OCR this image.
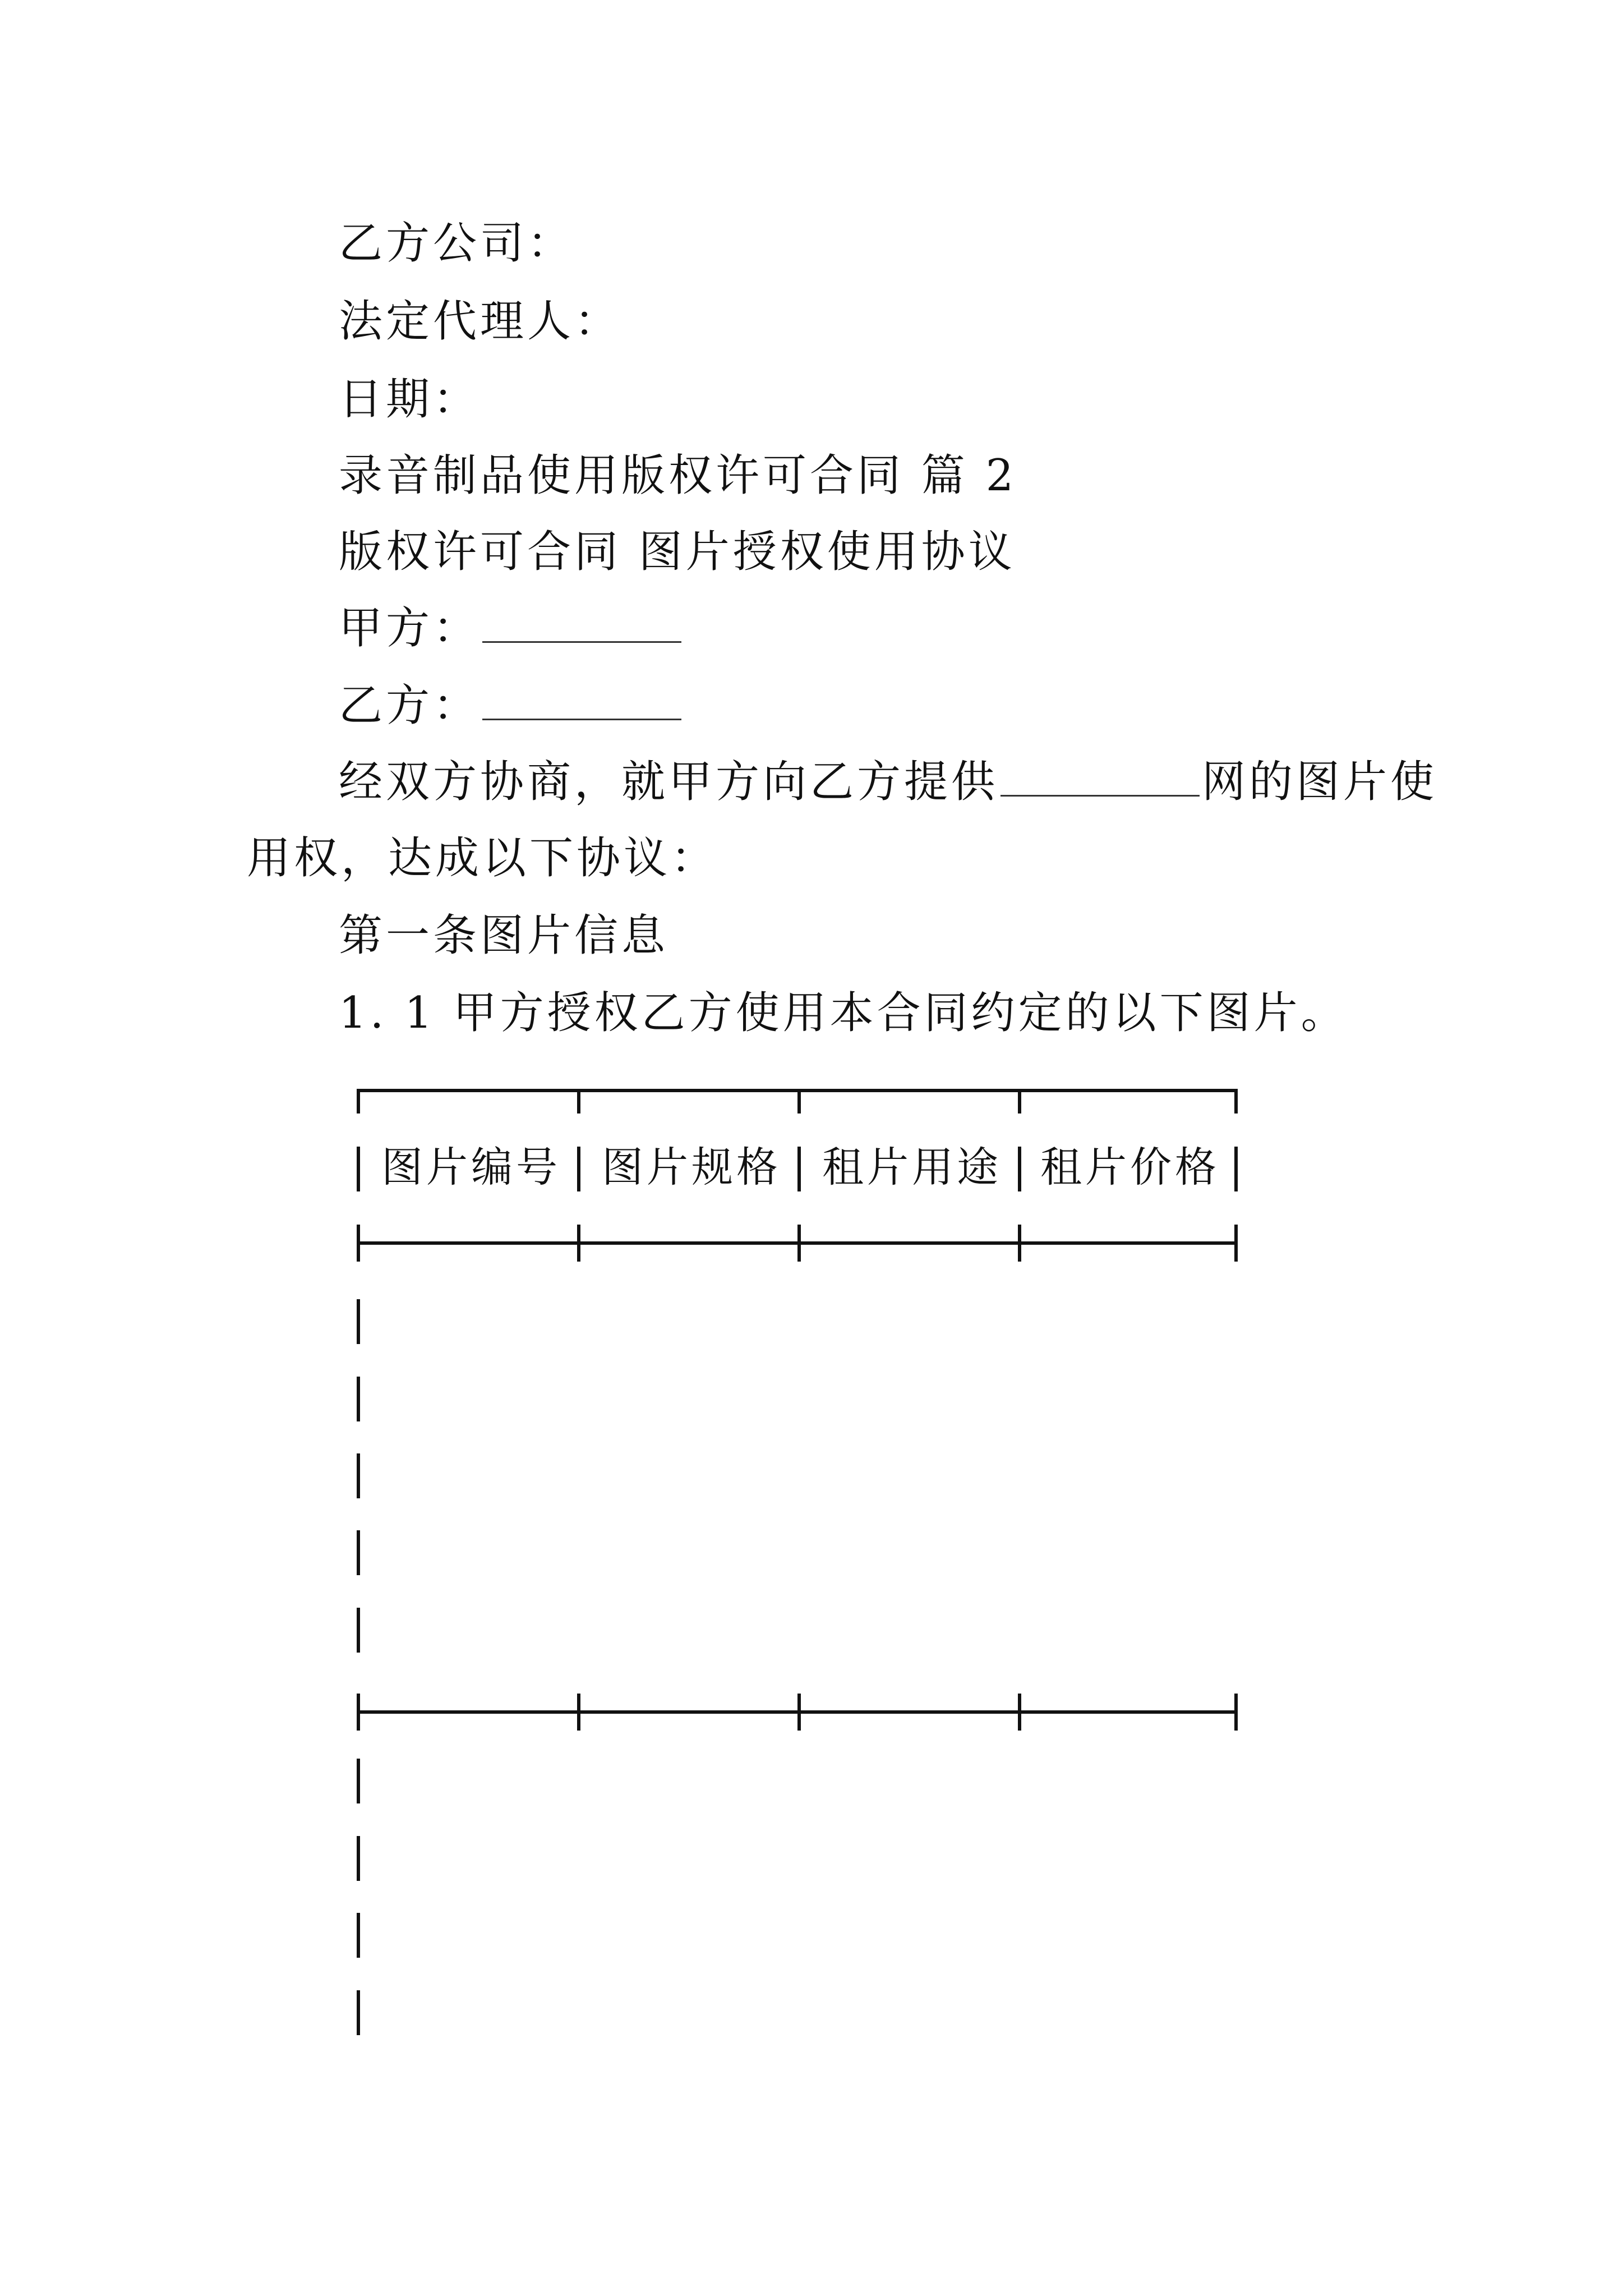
乙方公司：
法定代理人：
日期：
录音制品使用版权许可合同 篇 2
版权许可合同 图片授权使用协议
甲方：
乙方：
经双方协商，就甲方向乙方提供	网的图片使
用权，达成以下协议：
第一条图片信息
1. 1 甲方授权乙方使用本合同约定的以下图片。
图片编号 图片规格 租片用途 租片价格
